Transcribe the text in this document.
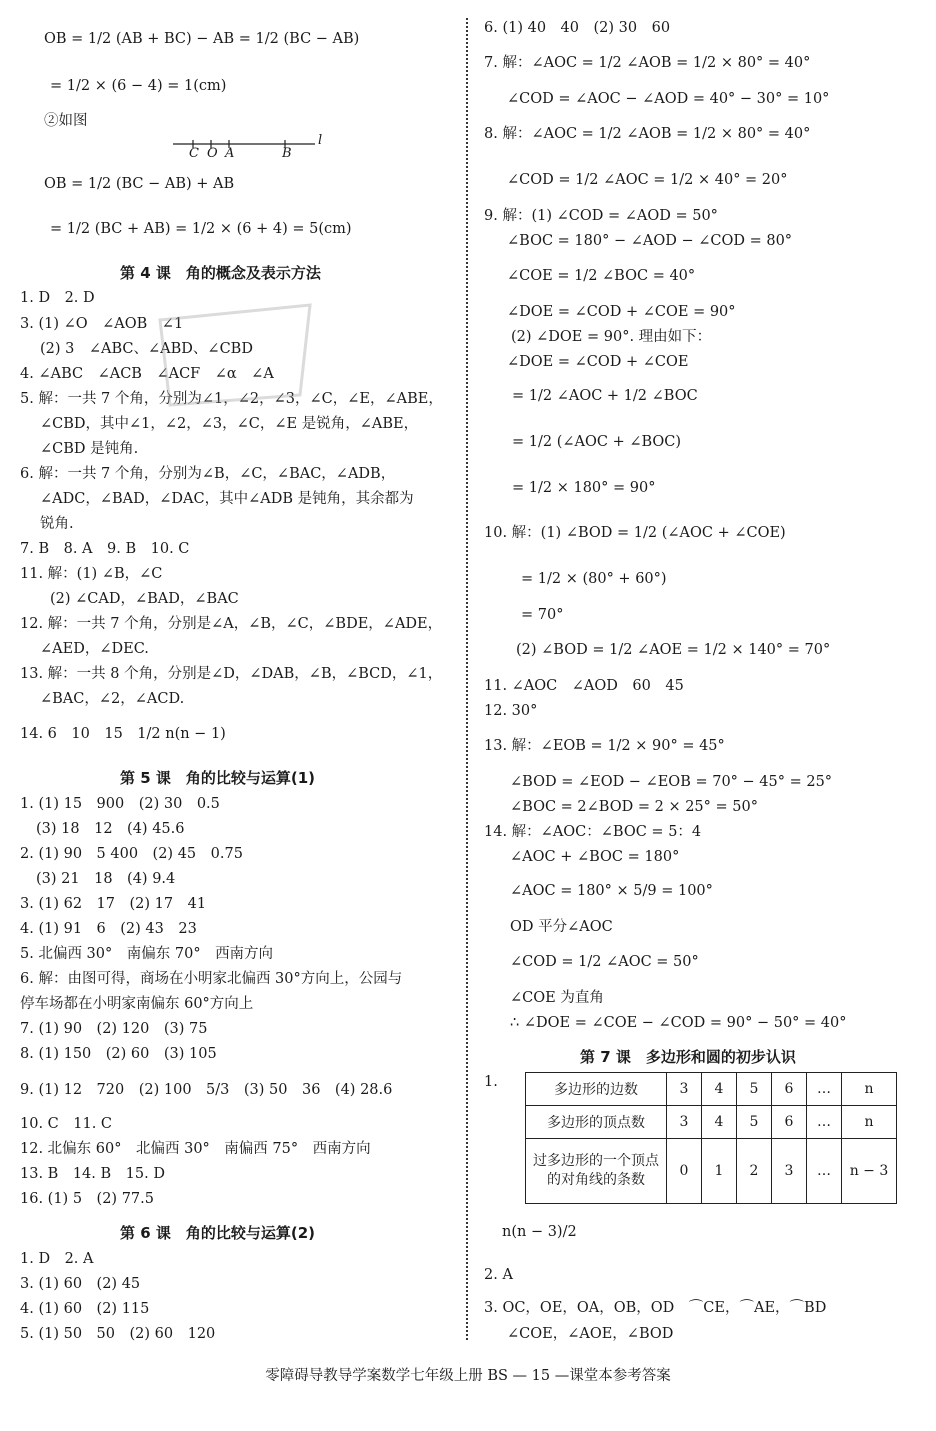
OB = 1/2 (AB + BC) − AB = 1/2 (BC − AB)
= 1/2 × (6 − 4) = 1(cm)
②如图
OB = 1/2 (BC − AB) + AB
= 1/2 (BC + AB) = 1/2 × (6 + 4) = 5(cm)
1. D　2. D
3. (1) ∠O　∠AOB　∠1
(2) 3　∠ABC、∠ABD、∠CBD
4. ∠ABC　∠ACB　∠ACF　∠α　∠A
5. 解：一共 7 个角，分别为∠1，∠2，∠3，∠C，∠E，∠ABE，
∠CBD，其中∠1，∠2，∠3，∠C，∠E 是锐角，∠ABE，
∠CBD 是钝角.
6. 解：一共 7 个角，分别为∠B，∠C，∠BAC，∠ADB，
∠ADC，∠BAD，∠DAC，其中∠ADB 是钝角，其余都为
锐角.
7. B　8. A　9. B　10. C
11. 解：(1) ∠B，∠C
(2) ∠CAD，∠BAD，∠BAC
12. 解：一共 7 个角，分别是∠A，∠B，∠C，∠BDE，∠ADE，
∠AED，∠DEC.
13. 解：一共 8 个角，分别是∠D，∠DAB，∠B，∠BCD，∠1，
∠BAC，∠2，∠ACD.
14. 6　10　15　1/2 n(n − 1)
1. (1) 15　900　(2) 30　0.5
(3) 18　12　(4) 45.6
2. (1) 90　5 400　(2) 45　0.75
(3) 21　18　(4) 9.4
3. (1) 62　17　(2) 17　41
4. (1) 91　6　(2) 43　23
5. 北偏西 30°　南偏东 70°　西南方向
6. 解：由图可得，商场在小明家北偏西 30°方向上，公园与
停车场都在小明家南偏东 60°方向上
7. (1) 90　(2) 120　(3) 75
8. (1) 150　(2) 60　(3) 105
9. (1) 12　720　(2) 100　5/3　(3) 50　36　(4) 28.6
10. C　11. C
12. 北偏东 60°　北偏西 30°　南偏西 75°　西南方向
13. B　14. B　15. D
16. (1) 5　(2) 77.5
1. D　2. A
3. (1) 60　(2) 45
4. (1) 60　(2) 115
5. (1) 50　50　(2) 60　120
6. (1) 40　40　(2) 30　60
7. 解：∠AOC = 1/2 ∠AOB = 1/2 × 80° = 40°
∠COD = ∠AOC − ∠AOD = 40° − 30° = 10°
8. 解：∠AOC = 1/2 ∠AOB = 1/2 × 80° = 40°
∠COD = 1/2 ∠AOC = 1/2 × 40° = 20°
9. 解：(1) ∠COD = ∠AOD = 50°
∠BOC = 180° − ∠AOD − ∠COD = 80°
∠COE = 1/2 ∠BOC = 40°
∠DOE = ∠COD + ∠COE = 90°
(2) ∠DOE = 90°. 理由如下：
∠DOE = ∠COD + ∠COE
= 1/2 ∠AOC + 1/2 ∠BOC
= 1/2 (∠AOC + ∠BOC)
= 1/2 × 180° = 90°
10. 解：(1) ∠BOD = 1/2 (∠AOC + ∠COE)
= 1/2 × (80° + 60°)
= 70°
(2) ∠BOD = 1/2 ∠AOE = 1/2 × 140° = 70°
11. ∠AOC　∠AOD　60　45
12. 30°
13. 解：∠EOB = 1/2 × 90° = 45°
∠BOD = ∠EOD − ∠EOB = 70° − 45° = 25°
∠BOC = 2∠BOD = 2 × 25° = 50°
14. 解：∠AOC：∠BOC = 5：4
∠AOC + ∠BOC = 180°
∠AOC = 180° × 5/9 = 100°
OD 平分∠AOC
∠COD = 1/2 ∠AOC = 50°
∠COE 为直角
∴ ∠DOE = ∠COE − ∠COD = 90° − 50° = 40°
1.
n(n − 3)/2
2. A
3. OC，OE，OA，OB，OD　⌒CE，⌒AE，⌒BD
∠COE，∠AOE，∠BOD
第 4 课　角的概念及表示方法
第 5 课　角的比较与运算(1)
第 6 课　角的比较与运算(2)
第 7 课　多边形和圆的初步认识
C O A	B
l
多边形的边数	3	4	5	6	…	n
多边形的顶点数	3	4	5	6	…	n
过多边形的一个顶点的对角线的条数	0	1	2	3	…	n − 3
零障碍导教导学案数学七年级上册 BS — 15 —课堂本参考答案
